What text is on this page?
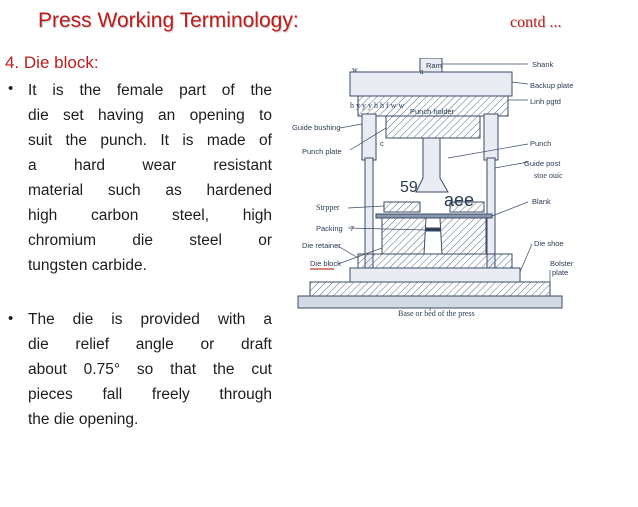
Press Working Terminology:	contd ...
4. Die block:
• It is the female part of the
die set having an opening to
suit the punch. It is made of
a hard wear resistant
material such as hardened
high carbon steel, high
chromium die steel or
tungsten carbide.
• The die is provided with a
die relief angle or draft
about 0.75° so that the cut
pieces fall freely through
the die opening.
Shank
Ram
Backup plate
Linh pgtd
Punch holder
Guide bushing
Punch plate
Punch
Guide post
stoe ouic
Blank
Strpper
Packing
Die retainer	Die shoe
Die block	Bolster
plate
Base or bed of the press
59
aee
w	a
h y y y h h f w w
7
c
